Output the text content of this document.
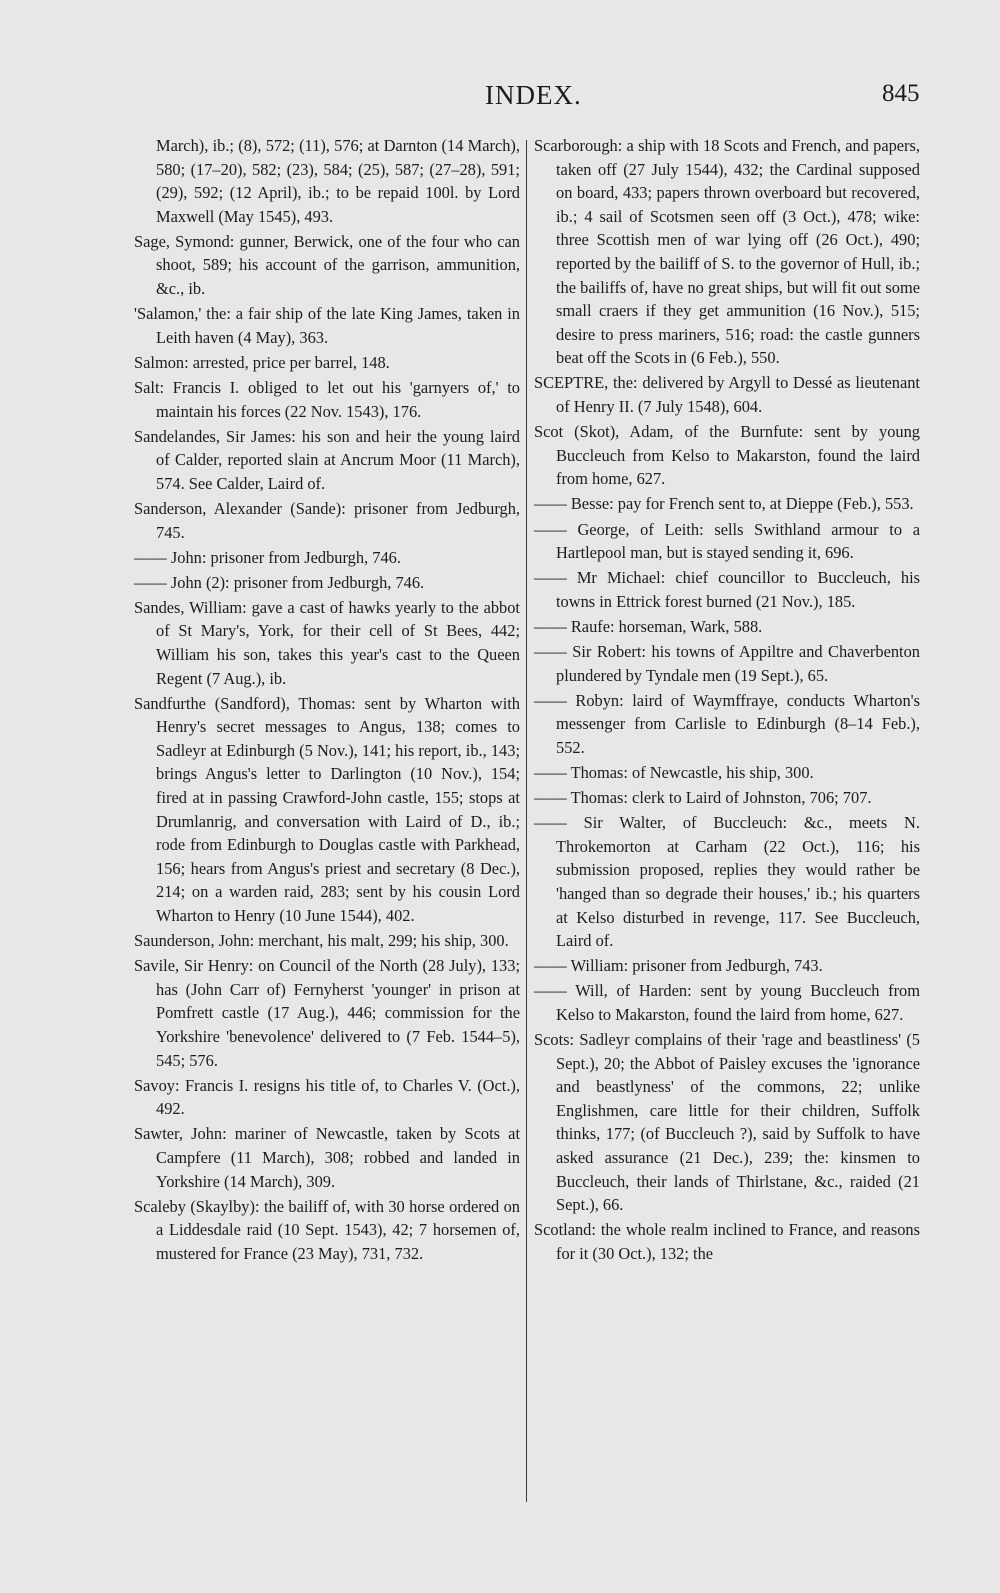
INDEX.	845

March), ib.; (8), 572; (11), 576; at Darnton (14 March), 580; (17–20), 582; (23), 584; (25), 587; (27–28), 591; (29), 592; (12 April), ib.; to be repaid 100l. by Lord Maxwell (May 1545), 493.

Sage, Symond: gunner, Berwick, one of the four who can shoot, 589; his account of the garrison, ammunition, &c., ib.

'Salamon,' the: a fair ship of the late King James, taken in Leith haven (4 May), 363.

Salmon: arrested, price per barrel, 148.

Salt: Francis I. obliged to let out his 'garnyers of,' to maintain his forces (22 Nov. 1543), 176.

Sandelandes, Sir James: his son and heir the young laird of Calder, reported slain at Ancrum Moor (11 March), 574. See Calder, Laird of.

Sanderson, Alexander (Sande): prisoner from Jedburgh, 745.

—— John: prisoner from Jedburgh, 746.

—— John (2): prisoner from Jedburgh, 746.

Sandes, William: gave a cast of hawks yearly to the abbot of St Mary's, York, for their cell of St Bees, 442; William his son, takes this year's cast to the Queen Regent (7 Aug.), ib.

Sandfurthe (Sandford), Thomas: sent by Wharton with Henry's secret messages to Angus, 138; comes to Sadleyr at Edinburgh (5 Nov.), 141; his report, ib., 143; brings Angus's letter to Darlington (10 Nov.), 154; fired at in passing Crawford-John castle, 155; stops at Drumlanrig, and conversation with Laird of D., ib.; rode from Edinburgh to Douglas castle with Parkhead, 156; hears from Angus's priest and secretary (8 Dec.), 214; on a warden raid, 283; sent by his cousin Lord Wharton to Henry (10 June 1544), 402.

Saunderson, John: merchant, his malt, 299; his ship, 300.

Savile, Sir Henry: on Council of the North (28 July), 133; has (John Carr of) Fernyherst 'younger' in prison at Pomfrett castle (17 Aug.), 446; commission for the Yorkshire 'benevolence' delivered to (7 Feb. 1544–5), 545; 576.

Savoy: Francis I. resigns his title of, to Charles V. (Oct.), 492.

Sawter, John: mariner of Newcastle, taken by Scots at Campfere (11 March), 308; robbed and landed in Yorkshire (14 March), 309.

Scaleby (Skaylby): the bailiff of, with 30 horse ordered on a Liddesdale raid (10 Sept. 1543), 42; 7 horsemen of, mustered for France (23 May), 731, 732.

Scarborough: a ship with 18 Scots and French, and papers, taken off (27 July 1544), 432; the Cardinal supposed on board, 433; papers thrown overboard but recovered, ib.; 4 sail of Scotsmen seen off (3 Oct.), 478; wike: three Scottish men of war lying off (26 Oct.), 490; reported by the bailiff of S. to the governor of Hull, ib.; the bailiffs of, have no great ships, but will fit out some small craers if they get ammunition (16 Nov.), 515; desire to press mariners, 516; road: the castle gunners beat off the Scots in (6 Feb.), 550.

SCEPTRE, the: delivered by Argyll to Dessé as lieutenant of Henry II. (7 July 1548), 604.

Scot (Skot), Adam, of the Burnfute: sent by young Buccleuch from Kelso to Makarston, found the laird from home, 627.

—— Besse: pay for French sent to, at Dieppe (Feb.), 553.

—— George, of Leith: sells Swithland armour to a Hartlepool man, but is stayed sending it, 696.

—— Mr Michael: chief councillor to Buccleuch, his towns in Ettrick forest burned (21 Nov.), 185.

—— Raufe: horseman, Wark, 588.

—— Sir Robert: his towns of Appiltre and Chaverbenton plundered by Tyndale men (19 Sept.), 65.

—— Robyn: laird of Waymffraye, conducts Wharton's messenger from Carlisle to Edinburgh (8–14 Feb.), 552.

—— Thomas: of Newcastle, his ship, 300.

—— Thomas: clerk to Laird of Johnston, 706; 707.

—— Sir Walter, of Buccleuch: &c., meets N. Throkemorton at Carham (22 Oct.), 116; his submission proposed, replies they would rather be 'hanged than so degrade their houses,' ib.; his quarters at Kelso disturbed in revenge, 117. See Buccleuch, Laird of.

—— William: prisoner from Jedburgh, 743.

—— Will, of Harden: sent by young Buccleuch from Kelso to Makarston, found the laird from home, 627.

Scots: Sadleyr complains of their 'rage and beastliness' (5 Sept.), 20; the Abbot of Paisley excuses the 'ignorance and beastlyness' of the commons, 22; unlike Englishmen, care little for their children, Suffolk thinks, 177; (of Buccleuch ?), said by Suffolk to have asked assurance (21 Dec.), 239; the: kinsmen to Buccleuch, their lands of Thirlstane, &c., raided (21 Sept.), 66.

Scotland: the whole realm inclined to France, and reasons for it (30 Oct.), 132; the
